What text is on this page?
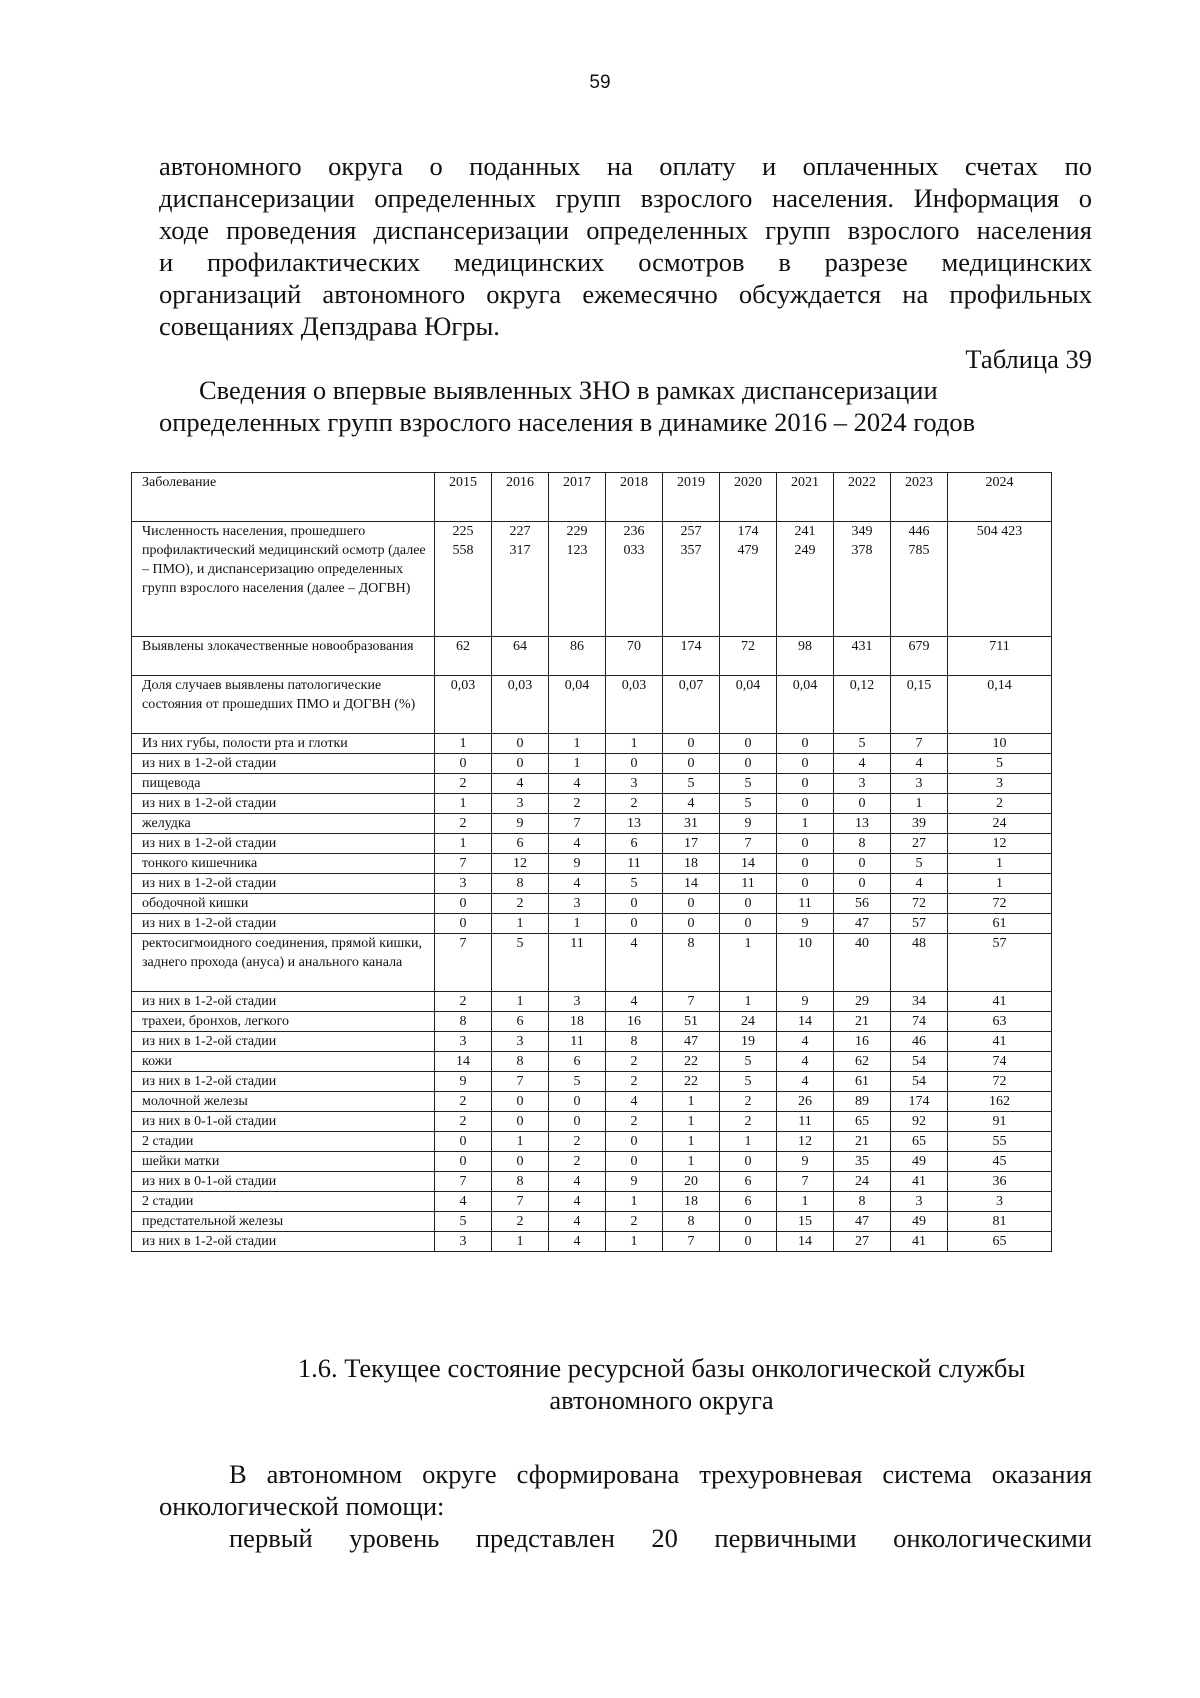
59
автономного округа о поданных на оплату и оплаченных счетах по
диспансеризации определенных групп взрослого населения. Информация о
ходе проведения диспансеризации определенных групп взрослого населения
и профилактических медицинских осмотров в разрезе медицинских
организаций автономного округа ежемесячно обсуждается на профильных
совещаниях Депздрава Югры.
Таблица 39
Сведения о впервые выявленных ЗНО в рамках диспансеризации
определенных групп взрослого населения в динамике 2016 – 2024 годов
Заболевание	2015	2016	2017	2018	2019	2020	2021	2022	2023	2024
Численность населения, прошедшего профилактический медицинский осмотр (далее – ПМО), и диспансеризацию определенных групп взрослого населения (далее – ДОГВН)	225 558	227 317	229 123	236 033	257 357	174 479	241 249	349 378	446 785	504 423
Выявлены злокачественные новообразования	62	64	86	70	174	72	98	431	679	711
Доля случаев выявлены патологические состояния от прошедших ПМО и ДОГВН (%)	0,03	0,03	0,04	0,03	0,07	0,04	0,04	0,12	0,15	0,14
Из них губы, полости рта и глотки	1	0	1	1	0	0	0	5	7	10
из них в 1-2-ой стадии	0	0	1	0	0	0	0	4	4	5
пищевода	2	4	4	3	5	5	0	3	3	3
из них в 1-2-ой стадии	1	3	2	2	4	5	0	0	1	2
желудка	2	9	7	13	31	9	1	13	39	24
из них в 1-2-ой стадии	1	6	4	6	17	7	0	8	27	12
тонкого кишечника	7	12	9	11	18	14	0	0	5	1
из них в 1-2-ой стадии	3	8	4	5	14	11	0	0	4	1
ободочной кишки	0	2	3	0	0	0	11	56	72	72
из них в 1-2-ой стадии	0	1	1	0	0	0	9	47	57	61
ректосигмоидного соединения, прямой кишки, заднего прохода (ануса) и анального канала	7	5	11	4	8	1	10	40	48	57
из них в 1-2-ой стадии	2	1	3	4	7	1	9	29	34	41
трахеи, бронхов, легкого	8	6	18	16	51	24	14	21	74	63
из них в 1-2-ой стадии	3	3	11	8	47	19	4	16	46	41
кожи	14	8	6	2	22	5	4	62	54	74
из них в 1-2-ой стадии	9	7	5	2	22	5	4	61	54	72
молочной железы	2	0	0	4	1	2	26	89	174	162
из них в 0-1-ой стадии	2	0	0	2	1	2	11	65	92	91
2 стадии	0	1	2	0	1	1	12	21	65	55
шейки матки	0	0	2	0	1	0	9	35	49	45
из них в 0-1-ой стадии	7	8	4	9	20	6	7	24	41	36
2 стадии	4	7	4	1	18	6	1	8	3	3
предстательной железы	5	2	4	2	8	0	15	47	49	81
из них в 1-2-ой стадии	3	1	4	1	7	0	14	27	41	65
1.6. Текущее состояние ресурсной базы онкологической службы
автономного округа
В автономном округе сформирована трехуровневая система оказания
онкологической помощи:
первый уровень представлен 20 первичными онкологическими
